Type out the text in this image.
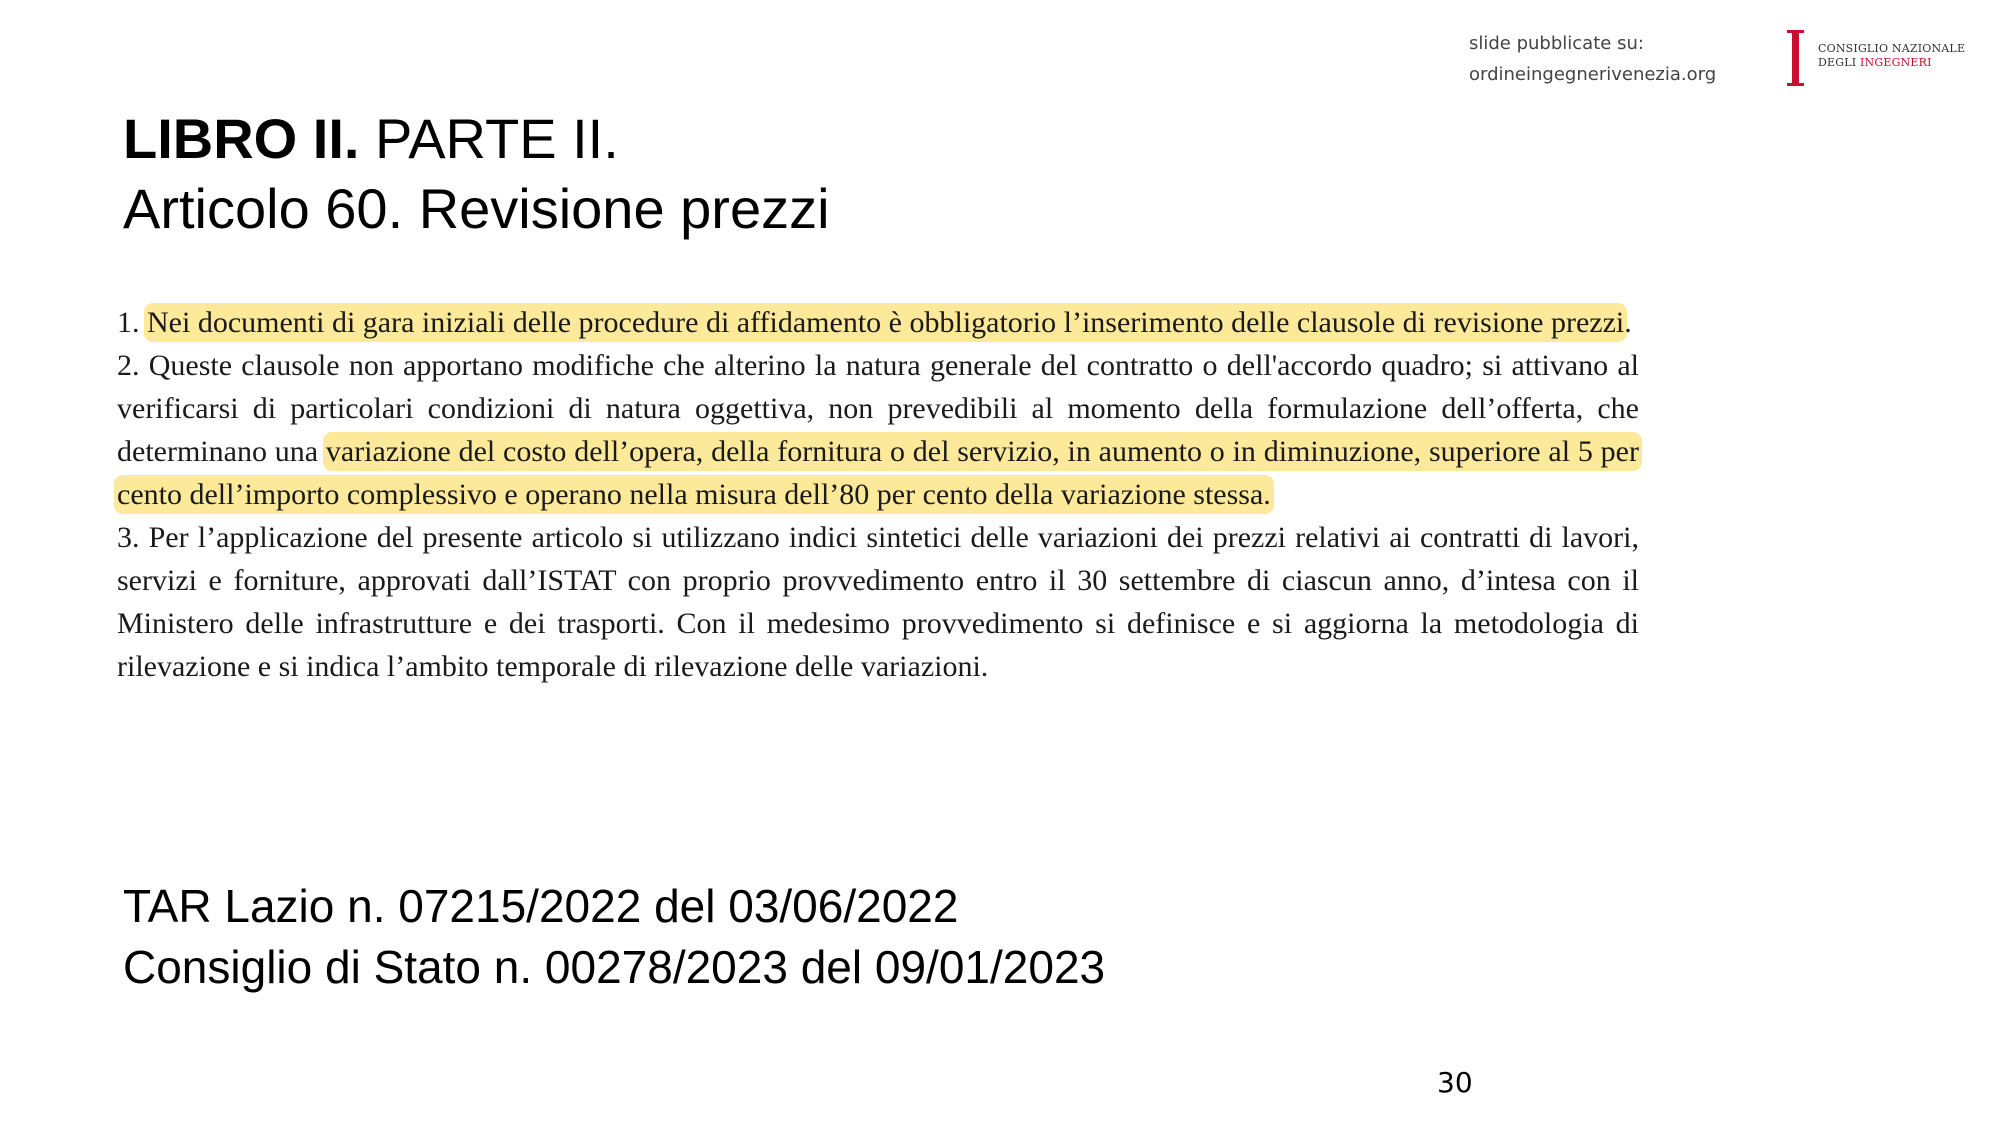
slide pubblicate su:
ordineingegnerivenezia.org
CONSIGLIO NAZIONALE
DEGLI INGEGNERI
LIBRO II. PARTE II.
Articolo 60. Revisione prezzi
1. Nei documenti di gara iniziali delle procedure di affidamento è obbligatorio l’inserimento delle clausole di revisione prezzi.
2. Queste clausole non apportano modifiche che alterino la natura generale del contratto o dell'accordo quadro; si attivano al verificarsi di particolari condizioni di natura oggettiva, non prevedibili al momento della formulazione dell’offerta, che determinano una variazione del costo dell’opera, della fornitura o del servizio, in aumento o in diminuzione, superiore al 5 per cento dell’importo complessivo e operano nella misura dell’80 per cento della variazione stessa.
3. Per l’applicazione del presente articolo si utilizzano indici sintetici delle variazioni dei prezzi relativi ai contratti di lavori, servizi e forniture, approvati dall’ISTAT con proprio provvedimento entro il 30 settembre di ciascun anno, d’intesa con il Ministero delle infrastrutture e dei trasporti. Con il medesimo provvedimento si definisce e si aggiorna la metodologia di rilevazione e si indica l’ambito temporale di rilevazione delle variazioni.
TAR Lazio n. 07215/2022 del 03/06/2022
Consiglio di Stato n. 00278/2023 del 09/01/2023
30
